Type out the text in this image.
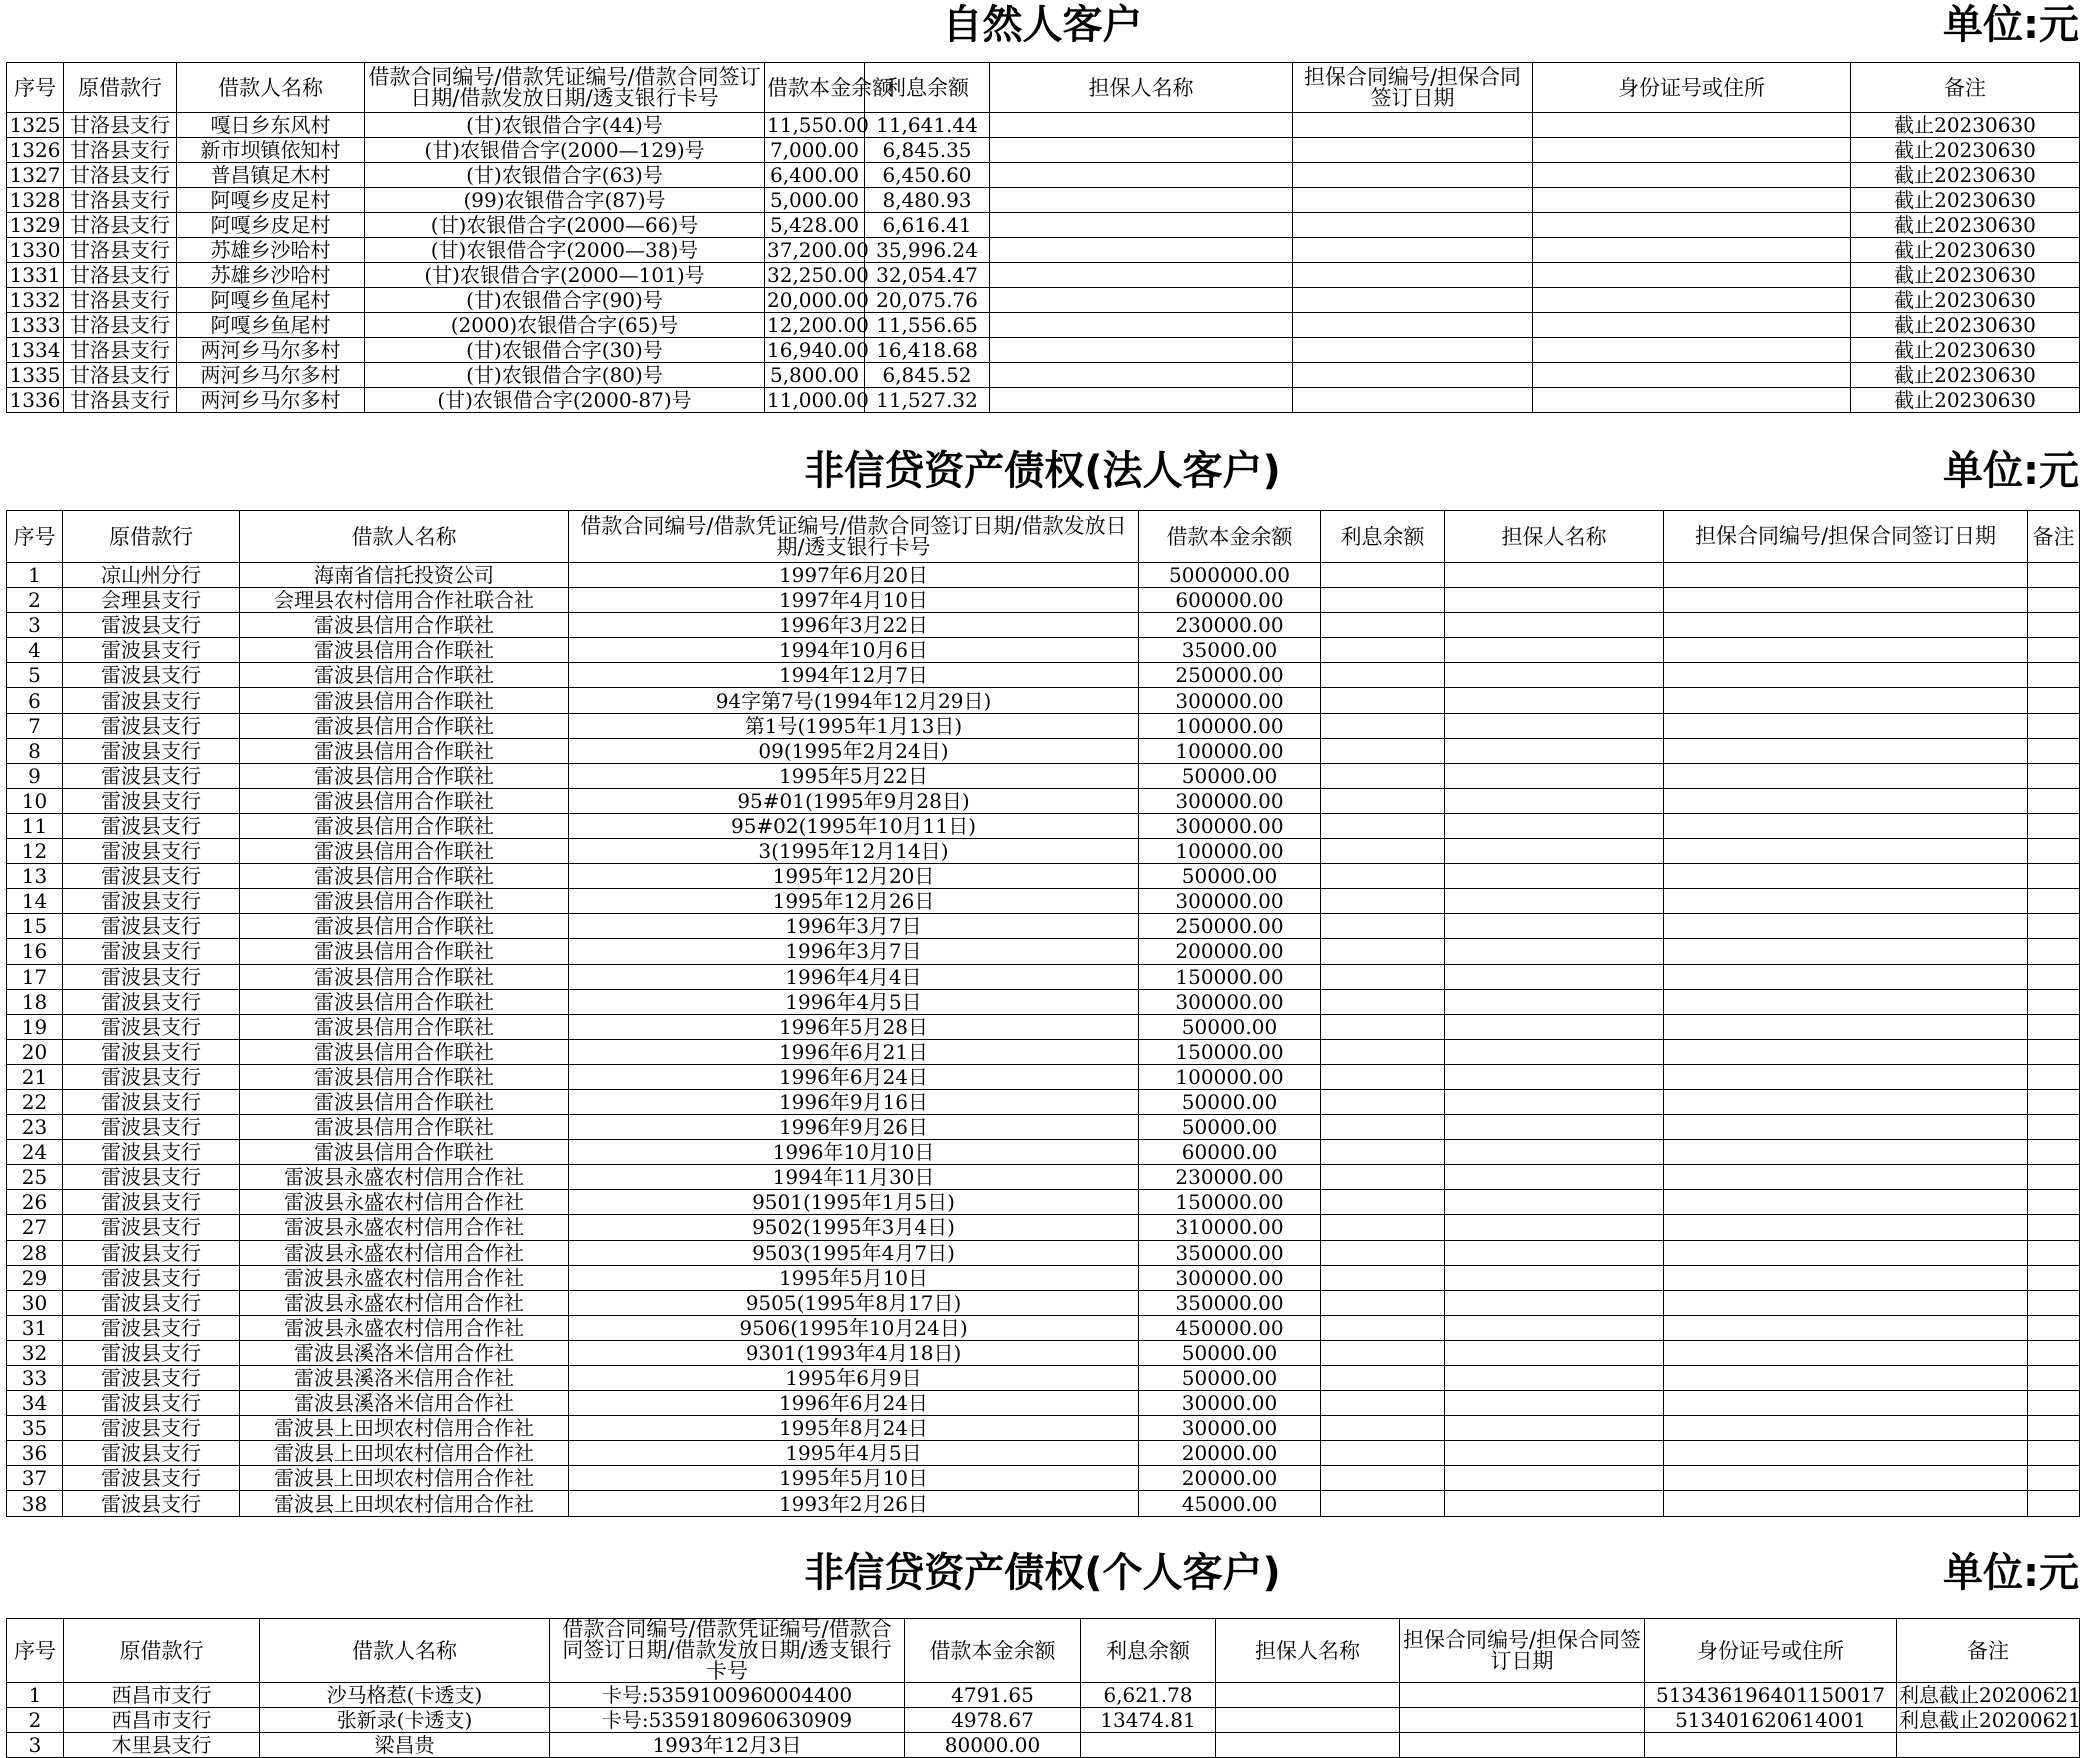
自然人客户	单位:元
序号	原借款行	借款人名称	借款合同编号/借款凭证编号/借款合同签订日期/借款发放日期/透支银行卡号	借款本金余额	利息余额	担保人名称	担保合同编号/担保合同签订日期	身份证号或住所	备注
1325	甘洛县支行	嘎日乡东风村	(甘)农银借合字(44)号	11,550.00	11,641.44				截止20230630
1326	甘洛县支行	新市坝镇依知村	(甘)农银借合字(2000—129)号	7,000.00	6,845.35				截止20230630
1327	甘洛县支行	普昌镇足木村	(甘)农银借合字(63)号	6,400.00	6,450.60				截止20230630
1328	甘洛县支行	阿嘎乡皮足村	(99)农银借合字(87)号	5,000.00	8,480.93				截止20230630
1329	甘洛县支行	阿嘎乡皮足村	(甘)农银借合字(2000—66)号	5,428.00	6,616.41				截止20230630
1330	甘洛县支行	苏雄乡沙哈村	(甘)农银借合字(2000—38)号	37,200.00	35,996.24				截止20230630
1331	甘洛县支行	苏雄乡沙哈村	(甘)农银借合字(2000—101)号	32,250.00	32,054.47				截止20230630
1332	甘洛县支行	阿嘎乡鱼尾村	(甘)农银借合字(90)号	20,000.00	20,075.76				截止20230630
1333	甘洛县支行	阿嘎乡鱼尾村	(2000)农银借合字(65)号	12,200.00	11,556.65				截止20230630
1334	甘洛县支行	两河乡马尔多村	(甘)农银借合字(30)号	16,940.00	16,418.68				截止20230630
1335	甘洛县支行	两河乡马尔多村	(甘)农银借合字(80)号	5,800.00	6,845.52				截止20230630
1336	甘洛县支行	两河乡马尔多村	(甘)农银借合字(2000-87)号	11,000.00	11,527.32				截止20230630
非信贷资产债权(法人客户)	单位:元
序号	原借款行	借款人名称	借款合同编号/借款凭证编号/借款合同签订日期/借款发放日期/透支银行卡号	借款本金余额	利息余额	担保人名称	担保合同编号/担保合同签订日期	备注
1	凉山州分行	海南省信托投资公司	1997年6月20日	5000000.00				
2	会理县支行	会理县农村信用合作社联合社	1997年4月10日	600000.00				
3	雷波县支行	雷波县信用合作联社	1996年3月22日	230000.00				
4	雷波县支行	雷波县信用合作联社	1994年10月6日	35000.00				
5	雷波县支行	雷波县信用合作联社	1994年12月7日	250000.00				
6	雷波县支行	雷波县信用合作联社	94字第7号(1994年12月29日)	300000.00				
7	雷波县支行	雷波县信用合作联社	第1号(1995年1月13日)	100000.00				
8	雷波县支行	雷波县信用合作联社	09(1995年2月24日)	100000.00				
9	雷波县支行	雷波县信用合作联社	1995年5月22日	50000.00				
10	雷波县支行	雷波县信用合作联社	95#01(1995年9月28日)	300000.00				
11	雷波县支行	雷波县信用合作联社	95#02(1995年10月11日)	300000.00				
12	雷波县支行	雷波县信用合作联社	3(1995年12月14日)	100000.00				
13	雷波县支行	雷波县信用合作联社	1995年12月20日	50000.00				
14	雷波县支行	雷波县信用合作联社	1995年12月26日	300000.00				
15	雷波县支行	雷波县信用合作联社	1996年3月7日	250000.00				
16	雷波县支行	雷波县信用合作联社	1996年3月7日	200000.00				
17	雷波县支行	雷波县信用合作联社	1996年4月4日	150000.00				
18	雷波县支行	雷波县信用合作联社	1996年4月5日	300000.00				
19	雷波县支行	雷波县信用合作联社	1996年5月28日	50000.00				
20	雷波县支行	雷波县信用合作联社	1996年6月21日	150000.00				
21	雷波县支行	雷波县信用合作联社	1996年6月24日	100000.00				
22	雷波县支行	雷波县信用合作联社	1996年9月16日	50000.00				
23	雷波县支行	雷波县信用合作联社	1996年9月26日	50000.00				
24	雷波县支行	雷波县信用合作联社	1996年10月10日	60000.00				
25	雷波县支行	雷波县永盛农村信用合作社	1994年11月30日	230000.00				
26	雷波县支行	雷波县永盛农村信用合作社	9501(1995年1月5日)	150000.00				
27	雷波县支行	雷波县永盛农村信用合作社	9502(1995年3月4日)	310000.00				
28	雷波县支行	雷波县永盛农村信用合作社	9503(1995年4月7日)	350000.00				
29	雷波县支行	雷波县永盛农村信用合作社	1995年5月10日	300000.00				
30	雷波县支行	雷波县永盛农村信用合作社	9505(1995年8月17日)	350000.00				
31	雷波县支行	雷波县永盛农村信用合作社	9506(1995年10月24日)	450000.00				
32	雷波县支行	雷波县溪洛米信用合作社	9301(1993年4月18日)	50000.00				
33	雷波县支行	雷波县溪洛米信用合作社	1995年6月9日	50000.00				
34	雷波县支行	雷波县溪洛米信用合作社	1996年6月24日	30000.00				
35	雷波县支行	雷波县上田坝农村信用合作社	1995年8月24日	30000.00				
36	雷波县支行	雷波县上田坝农村信用合作社	1995年4月5日	20000.00				
37	雷波县支行	雷波县上田坝农村信用合作社	1995年5月10日	20000.00				
38	雷波县支行	雷波县上田坝农村信用合作社	1993年2月26日	45000.00				
非信贷资产债权(个人客户)	单位:元
序号	原借款行	借款人名称	借款合同编号/借款凭证编号/借款合同签订日期/借款发放日期/透支银行卡号	借款本金余额	利息余额	担保人名称	担保合同编号/担保合同签订日期	身份证号或住所	备注
1	西昌市支行	沙马格惹(卡透支)	卡号:5359100960004400	4791.65	6,621.78			513436196401150017	利息截止20200621
2	西昌市支行	张新录(卡透支)	卡号:5359180960630909	4978.67	13474.81			513401620614001	利息截止20200621
3	木里县支行	梁昌贵	1993年12月3日	80000.00					
